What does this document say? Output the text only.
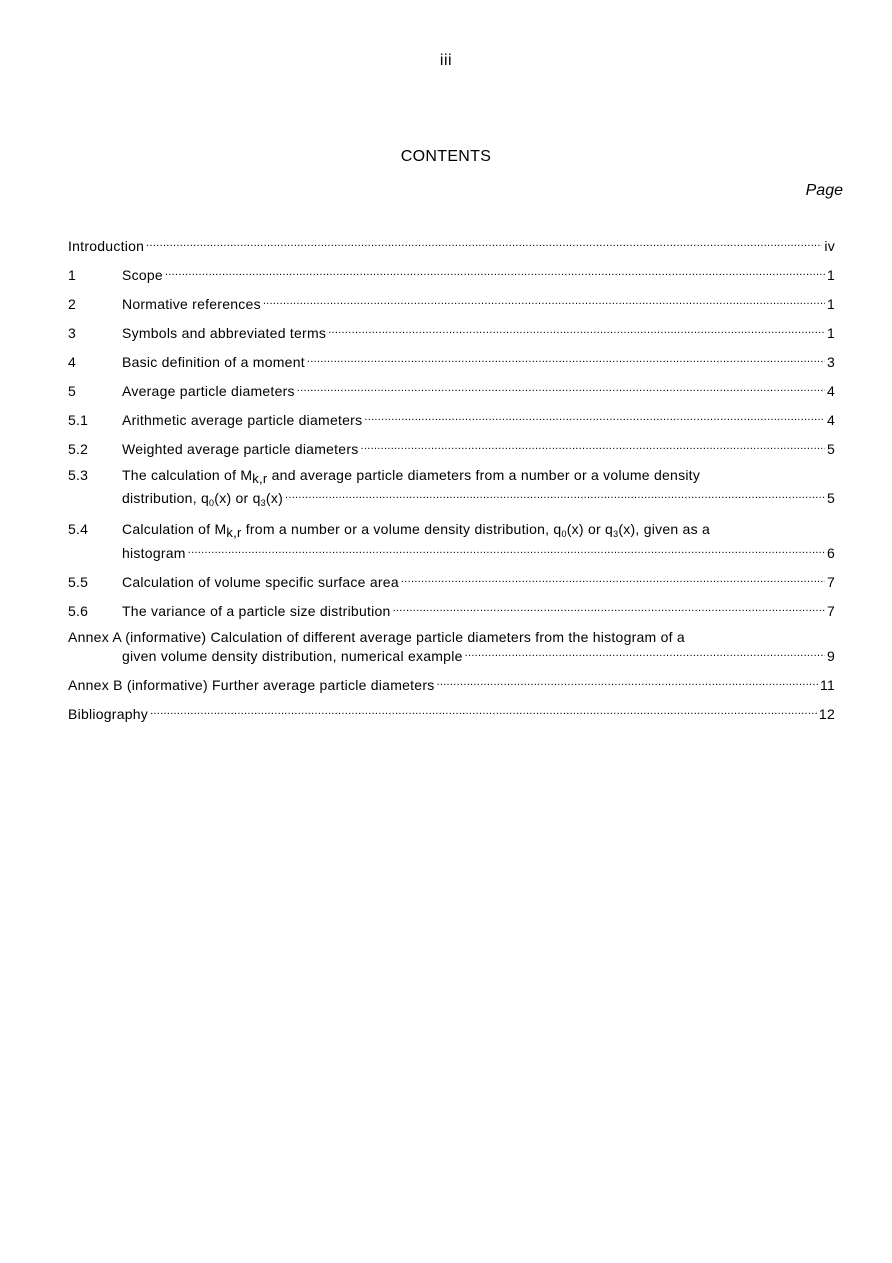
iii
CONTENTS
Page
Introduction .....	iv
1	Scope .....	1
2	Normative references .....	1
3	Symbols and abbreviated terms .....	1
4	Basic definition of a moment .....	3
5	Average particle diameters .....	4
5.1	Arithmetic average particle diameters .....	4
5.2	Weighted average particle diameters .....	5
5.3	The calculation of Mk,r and average particle diameters from a number or a volume density
distribution, $q_0(x)$ or $q_3(x)$ .....	5
5.4	Calculation of Mk,r from a number or a volume density distribution, $q_0(x)$ or $q_3(x)$, given as a
histogram .....	6
5.5	Calculation of volume specific surface area .....	7
5.6	The variance of a particle size distribution .....	7
Annex A (informative) Calculation of different average particle diameters from the histogram of a
given volume density distribution, numerical example .....	9
Annex B (informative) Further average particle diameters .....	11
Bibliography .....	12
